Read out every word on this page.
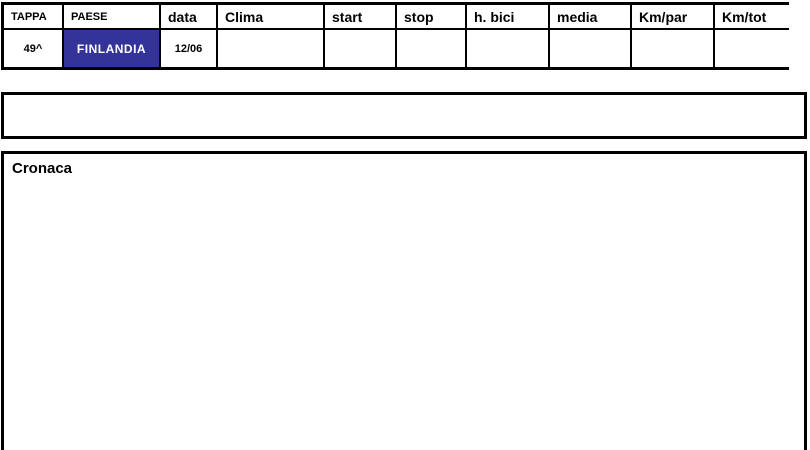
TAPPA	PAESE	data	Clima	start	stop	h. bici	media	Km/par	Km/tot
49^	FINLANDIA	12/06
Cronaca
